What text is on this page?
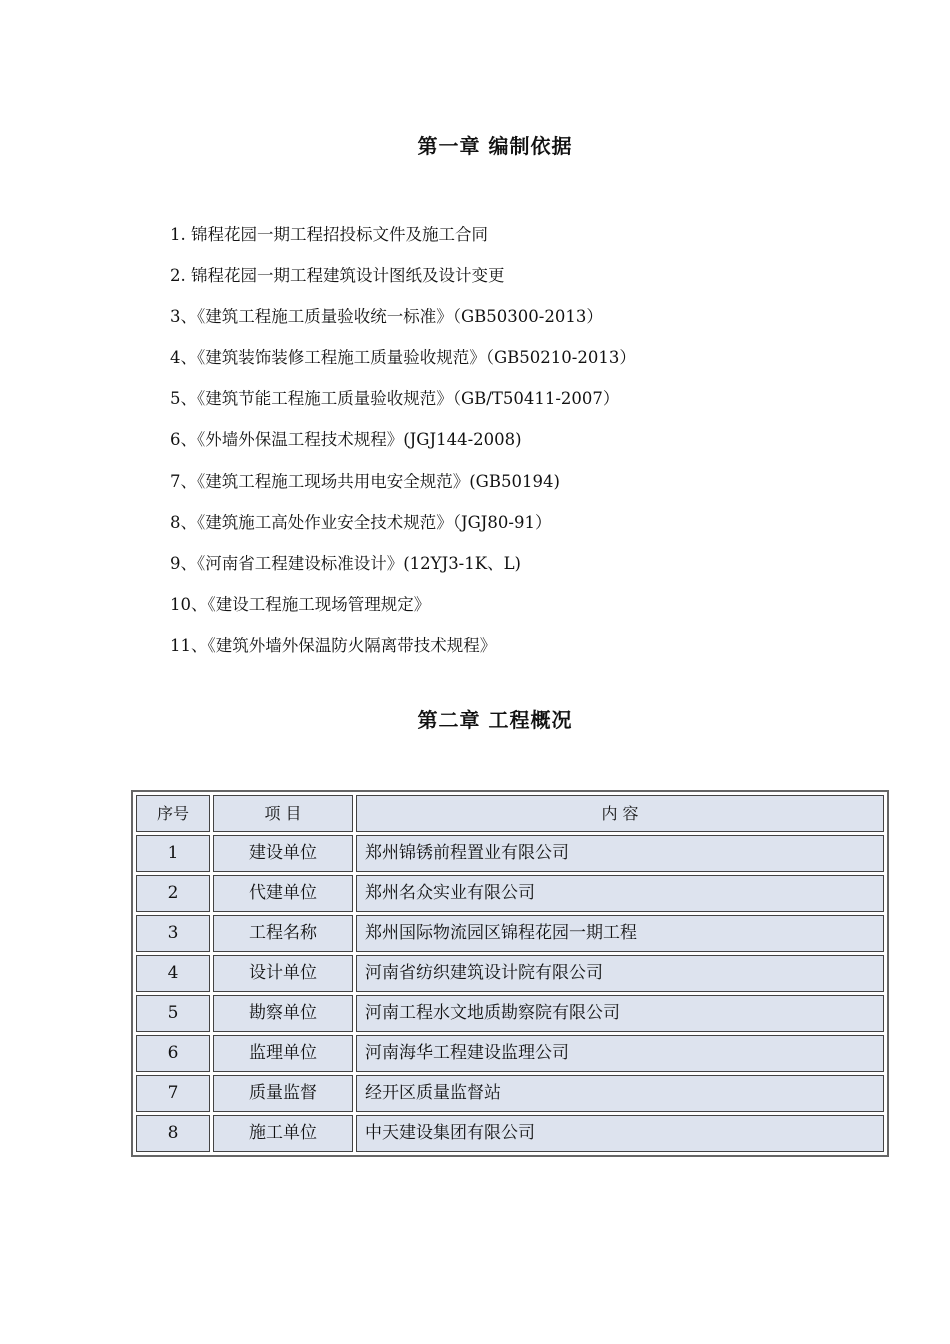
第一章 编制依据
1. 锦程花园一期工程招投标文件及施工合同
2. 锦程花园一期工程建筑设计图纸及设计变更
3、《建筑工程施工质量验收统一标准》（GB50300-2013）
4、《建筑装饰装修工程施工质量验收规范》（GB50210-2013）
5、《建筑节能工程施工质量验收规范》（GB/T50411-2007）
6、《外墙外保温工程技术规程》(JGJ144-2008)
7、《建筑工程施工现场共用电安全规范》(GB50194)
8、《建筑施工高处作业安全技术规范》（JGJ80-91）
9、《河南省工程建设标准设计》(12YJ3-1K、L)
10、《建设工程施工现场管理规定》
11、《建筑外墙外保温防火隔离带技术规程》
第二章 工程概况
序号	项 目	内 容
1	建设单位	郑州锦锈前程置业有限公司
2	代建单位	郑州名众实业有限公司
3	工程名称	郑州国际物流园区锦程花园一期工程
4	设计单位	河南省纺织建筑设计院有限公司
5	勘察单位	河南工程水文地质勘察院有限公司
6	监理单位	河南海华工程建设监理公司
7	质量监督	经开区质量监督站
8	施工单位	中天建设集团有限公司
